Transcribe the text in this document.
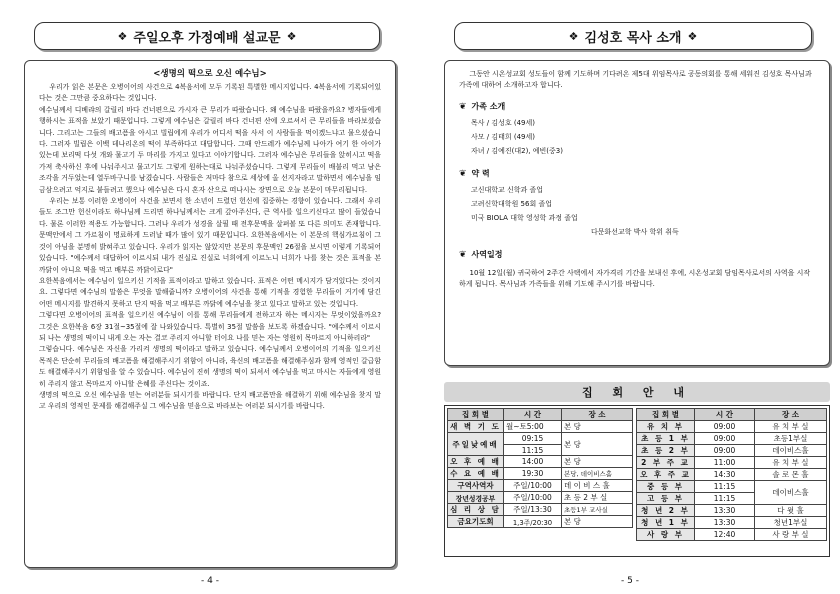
❖ 주일오후 가정예배 설교문 ❖
<생명의 떡으로 오신 예수님>

우리가 읽은 본문은 오병이어의 사건으로 4복음서에 모두 기록된 특별한 메시지입니다. 4복음서에 기록되어있다는 것은 그만큼 중요하다는 것입니다.

예수님께서 디베랴의 갈릴리 바다 건너편으로 가시자 큰 무리가 따랐습니다. 왜 예수님을 따랐을까요? 병자들에게 행하시는 표적을 보았기 때문입니다. 그렇게 예수님은 갈릴리 바다 건너편 산에 오르셔서 큰 무리들을 바라보셨습니다. 그리고는 그들의 배고픔을 아시고 빌립에게 우리가 어디서 떡을 사서 이 사람들을 먹이겠느냐고 물으셨습니다. 그러자 빌립은 이백 데나리온의 떡이 부족하다고 대답합니다. 그때 안드레가 예수님께 나아가 여기 한 아이가 있는데 보리떡 다섯 개와 물고기 두 마리를 가지고 있다고 이야기합니다. 그러자 예수님은 무리들을 앉히시고 떡을 가져 축사하신 후에 나눠주시고 물고기도 그렇게 원하는대로 나눠주셨습니다. 그렇게 무리들이 배불리 먹고 남은 조각을 거두었는데 열두바구니를 남겼습니다. 사람들은 저마다 참으로 세상에 올 선지자라고 말하면서 예수님을 임금삼으려고 억지로 붙들려고 했으나 예수님은 다시 혼자 산으로 떠나시는 장면으로 오늘 본문이 마무리됩니다.

우리는 보통 이러한 오병이어 사건을 보면서 한 소년이 드렸던 헌신에 집중하는 경향이 있습니다. 그래서 우리들도 조그만 헌신이라도 하나님께 드리면 하나님께서는 크게 갚아주신다, 큰 역사를 일으키신다고 많이 들었습니다. 물론 이러한 적용도 가능합니다. 그러나 우리가 성경을 살필 때 전후문맥을 살펴볼 또 다른 의미도 존재합니다. 문맥안에서 그 가르침이 명료하게 드러날 때가 많이 있기 때문입니다. 요한복음에서는 이 본문의 핵심가르침이 그것이 아님을 분명히 밝혀주고 있습니다. 우리가 읽지는 않았지만 본문의 후문맥인 26절을 보시면 이렇게 기록되어 있습니다. "예수께서 대답하여 이르시되 내가 진실로 진실로 너희에게 이르노니 너희가 나를 찾는 것은 표적을 본 까닭이 아니요 떡을 먹고 배부른 까닭이로다"

요한복음에서는 예수님이 일으키신 기적을 표적이라고 말하고 있습니다. 표적은 어떤 메시지가 담겨있다는 것이지요. 그렇다면 예수님의 말씀은 무엇을 말해줍니까? 오병이어의 사건을 통해 기적을 경험한 무리들이 거기에 담긴 어떤 메시지를 발견하지 못하고 단지 떡을 먹고 배부른 까닭에 예수님을 찾고 있다고 말하고 있는 것입니다.

그렇다면 오병이어의 표적을 일으키신 예수님이 이를 통해 무리들에게 전하고자 하는 메시지는 무엇이었을까요? 그것은 요한복음 6장 31절~35절에 잘 나와있습니다. 특별히 35절 말씀을 보도록 하겠습니다. "예수께서 이르시되 나는 생명의 떡이니 내게 오는 자는 결코 주리지 아니할 터이요 나를 믿는 자는 영원히 목마르지 아니하리라"

그렇습니다. 예수님은 자신을 가리켜 생명의 떡이라고 말하고 있습니다. 예수님께서 오병이어의 기적을 일으키신 목적은 단순히 무리들의 배고픔을 해결해주시기 위함이 아니라, 육신의 배고픔을 해결해주심과 함께 영적인 갈급함도 해결해주시기 위함임을 알 수 있습니다. 예수님이 진히 생명의 떡이 되셔서 예수님을 먹고 마시는 자들에게 영원히 주리지 않고 목마르지 아니할 은혜를 주신다는 것이죠.

생명의 떡으로 오신 예수님을 믿는 여러분들 되시기를 바랍니다. 단지 배고픔만을 해결하기 위해 예수님을 찾지 말고 우리의 영적인 문제를 해결해주실 그 예수님을 믿음으로 바라보는 여러분 되시기를 바랍니다.

- 4 -
❖ 김성호 목사 소개 ❖
그동안 시온성교회 성도들이 함께 기도하며 기다려온 제5대 위임목사로 공동의회를 통해 세워진 김성호 목사님과 가족에 대하여 소개하고자 합니다.
❦ 가족 소개
목사 / 김성호 (49세)
사모 / 김태희 (49세)
자녀 / 김예진(대2), 예빈(중3)
❦ 약 력
고신대학교 신학과 졸업
고려신학대학원 56회 졸업
미국 BIOLA 대학 영성학 과정 졸업
다문화선교학 박사 학위 취득
❦ 사역일정
10월 12일(월) 귀국하여 2주간 사택에서 자가격리 기간을 보내신 후에, 시온성교회 담임목사로서의 사역을 시작하게 됩니다. 목사님과 가족들을 위해 기도해 주시기를 바랍니다.
집 회 안 내
집 회 별	시 간	장 소
새 벽 기 도	월~토5:00	본 당
주일낮예배	09:15	본 당
	11:15	
오 후 예 배	14:00	본 당
수 요 예 배	19:30	본당, 데이비스홀
구역사역자	주일/10:00	데 이 비 스 홀
장년성경공부	주일/10:00	초 등 2 부 실
심 리 상 담	주일/13:30	초등1부 교사실
금요기도회	1,3주/20:30	본 당
집 회 별	시 간	장 소
유 치 부	09:00	유 치 부 실
초 등 1 부	09:00	초등1부실
초 등 2 부	09:00	데이비스홀
2 부 주 교	11:00	유 치 부 실
오 후 주 교	14:30	솔 로 몬 홀
중 등 부	11:15	데이비스홀
고 등 부	11:15	
청 년 2 부	13:30	다 윗 홀
청 년 1 부	13:30	청년1부실
사 랑 부	12:40	사 랑 부 실
- 5 -
